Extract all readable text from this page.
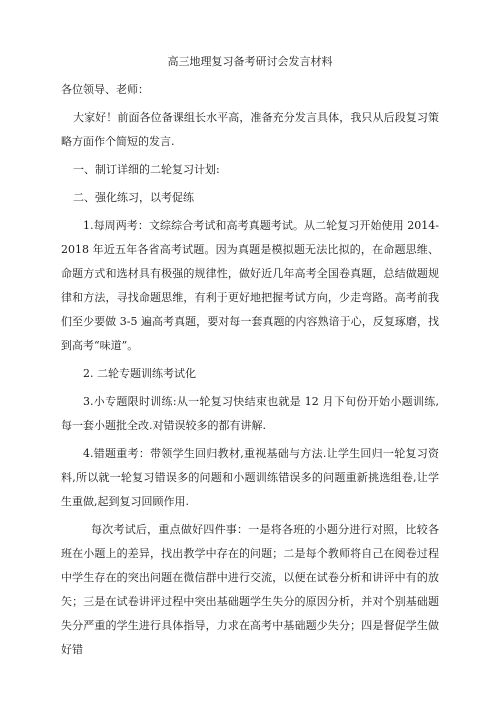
高三地理复习备考研讨会发言材料

各位领导、老师：

大家好！前面各位备课组长水平高，准备充分发言具体，我只从后段复习策略方面作个简短的发言.

一、制订详细的二轮复习计划:

二、强化练习，以考促练

1.每周两考：文综综合考试和高考真题考试。从二轮复习开始使用 2014-2018 年近五年各省高考试题。因为真题是模拟题无法比拟的，在命题思维、命题方式和选材具有极强的规律性，做好近几年高考全国卷真题，总结做题规律和方法，寻找命题思维，有利于更好地把握考试方向，少走弯路。高考前我们至少要做 3-5 遍高考真题，要对每一套真题的内容熟谙于心，反复琢磨，找到高考“味道”。

2. 二轮专题训练考试化

3.小专题限时训练:从一轮复习快结束也就是 12 月下旬份开始小题训练,每一套小题批全改.对错误较多的都有讲解.

4.错题重考：带领学生回归教材,重视基础与方法.让学生回归一轮复习资料,所以就一轮复习错误多的问题和小题训练错误多的问题重新挑选组卷,让学生重做,起到复习回顾作用.

每次考试后，重点做好四件事：一是将各班的小题分进行对照，比较各班在小题上的差异，找出教学中存在的问题；二是每个教师将自己在阅卷过程中学生存在的突出问题在微信群中进行交流，以便在试卷分析和讲评中有的放矢；三是在试卷讲评过程中突出基础题学生失分的原因分析，并对个别基础题失分严重的学生进行具体指导，力求在高考中基础题少失分；四是督促学生做好错
